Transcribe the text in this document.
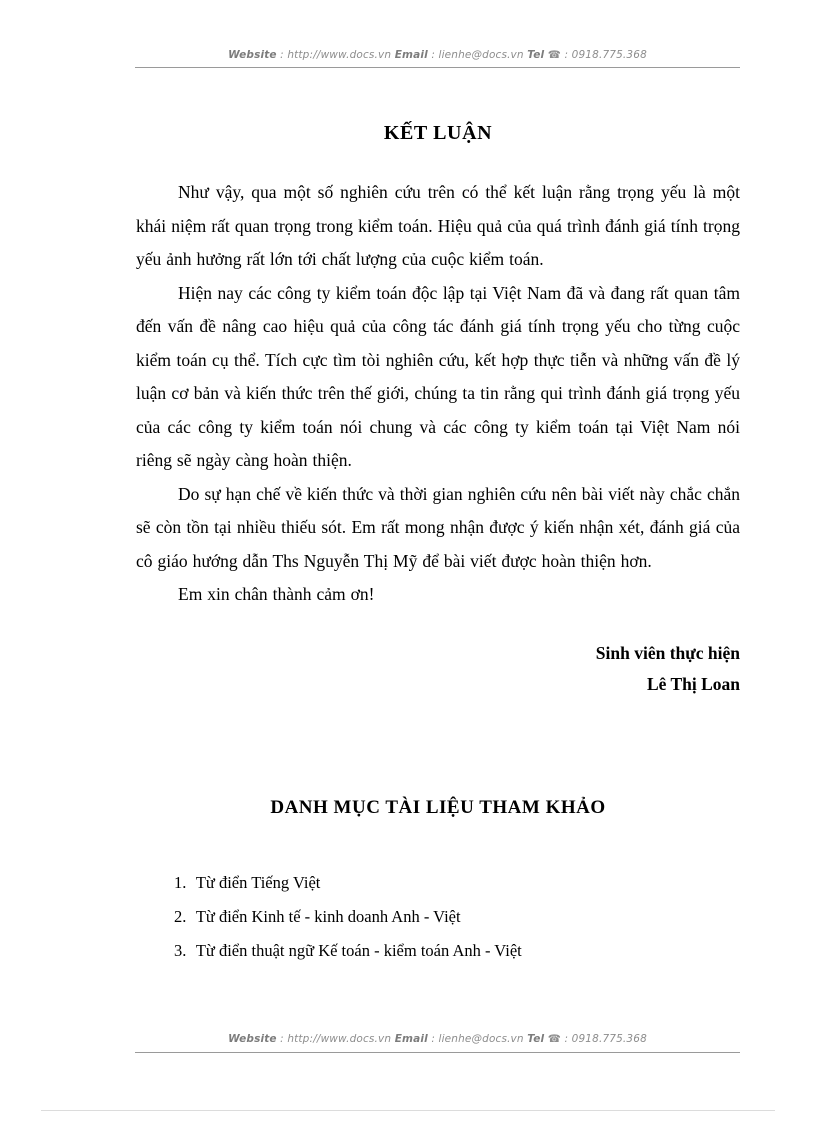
Website : http://www.docs.vn Email : lienhe@docs.vn Tel ☎ : 0918.775.368
KẾT LUẬN

Như vậy, qua một số nghiên cứu trên có thể kết luận rằng trọng yếu là một khái niệm rất quan trọng trong kiểm toán. Hiệu quả của quá trình đánh giá tính trọng yếu ảnh hưởng rất lớn tới chất lượng của cuộc kiểm toán.

Hiện nay các công ty kiểm toán độc lập tại Việt Nam đã và đang rất quan tâm đến vấn đề nâng cao hiệu quả của công tác đánh giá tính trọng yếu cho từng cuộc kiểm toán cụ thể. Tích cực tìm tòi nghiên cứu, kết hợp thực tiễn và những vấn đề lý luận cơ bản và kiến thức trên thế giới, chúng ta tin rằng qui trình đánh giá trọng yếu của các công ty kiểm toán nói chung và các công ty kiểm toán tại Việt Nam nói riêng sẽ ngày càng hoàn thiện.

Do sự hạn chế về kiến thức và thời gian nghiên cứu nên bài viết này chắc chắn sẽ còn tồn tại nhiều thiếu sót. Em rất mong nhận được ý kiến nhận xét, đánh giá của cô giáo hướng dẫn Ths Nguyễn Thị Mỹ để bài viết được hoàn thiện hơn.

Em xin chân thành cảm ơn!

Sinh viên thực hiện
Lê Thị Loan
DANH MỤC TÀI LIỆU THAM KHẢO
1. Từ điển Tiếng Việt
2. Từ điển Kinh tế - kinh doanh Anh - Việt
3. Từ điển thuật ngữ Kế toán - kiểm toán Anh - Việt
Website : http://www.docs.vn Email : lienhe@docs.vn Tel ☎ : 0918.775.368
